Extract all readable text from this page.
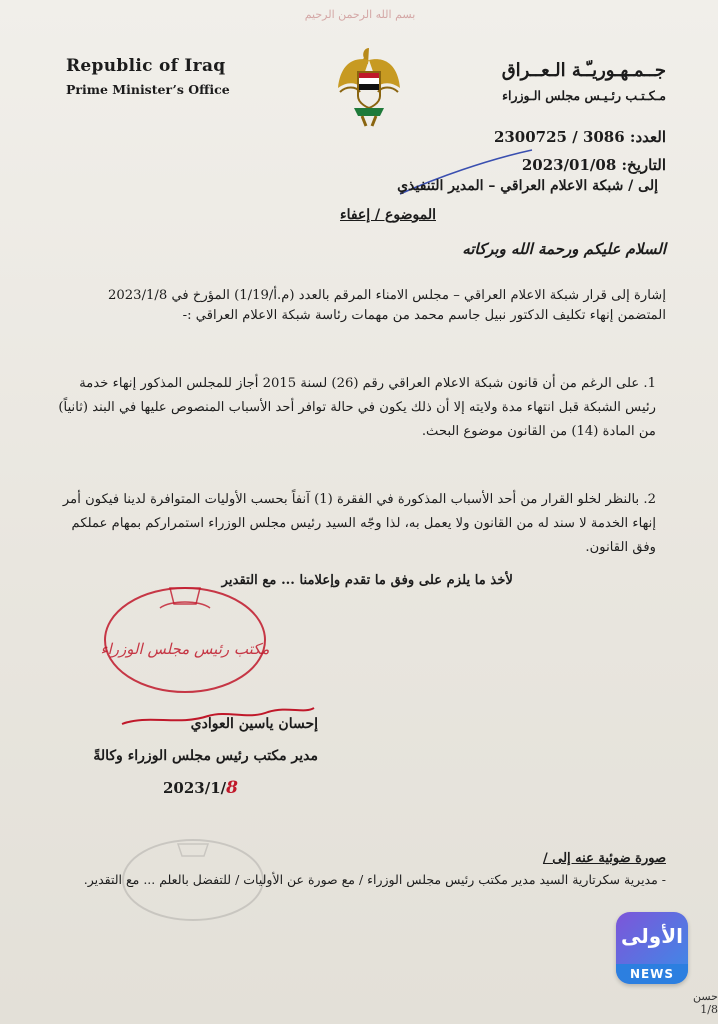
بسم الله الرحمن الرحيم
Republic of Iraq
Prime Minister’s Office
جــمـهـوريـّـة الـعــراق
مـكـتـب رئـيـس مجلس الـوزراء
العدد: 3086 / 2300725
التاريخ: 2023/01/08
إلى / شبكة الاعلام العراقي – المدير التنفيذي
الموضوع / إعفاء
السلام عليكم ورحمة الله وبركاته
إشارة إلى قرار شبكة الاعلام العراقي – مجلس الامناء المرقم بالعدد (م.أ/1/19) المؤرخ في 2023/1/8 المتضمن إنهاء تكليف الدكتور نبيل جاسم محمد من مهمات رئاسة شبكة الاعلام العراقي :-
1. على الرغم من أن قانون شبكة الاعلام العراقي رقم (26) لسنة 2015 أجاز للمجلس المذكور إنهاء خدمة رئيس الشبكة قبل انتهاء مدة ولايته إلا أن ذلك يكون في حالة توافر أحد الأسباب المنصوص عليها في البند (ثانياً) من المادة (14) من القانون موضوع البحث.
2. بالنظر لخلو القرار من أحد الأسباب المذكورة في الفقرة (1) آنفاً بحسب الأوليات المتوافرة لدينا فيكون أمر إنهاء الخدمة لا سند له من القانون ولا يعمل به، لذا وجّه السيد رئيس مجلس الوزراء استمراركم بمهام عملكم وفق القانون.
لأخذ ما يلزم على وفق ما تقدم وإعلامنا ... مع التقدير
مكتب رئيس مجلس الوزراء
إحسان ياسين العوادي
مدير مكتب رئيس مجلس الوزراء وكالةً
2023/1/8
صورة ضوئية عنه إلى /
- مديرية سكرتارية السيد مدير مكتب رئيس مجلس الوزراء / مع صورة عن الأوليات / للتفضل بالعلم ... مع التقدير.
الأولى
NEWS
حسن 1/8
